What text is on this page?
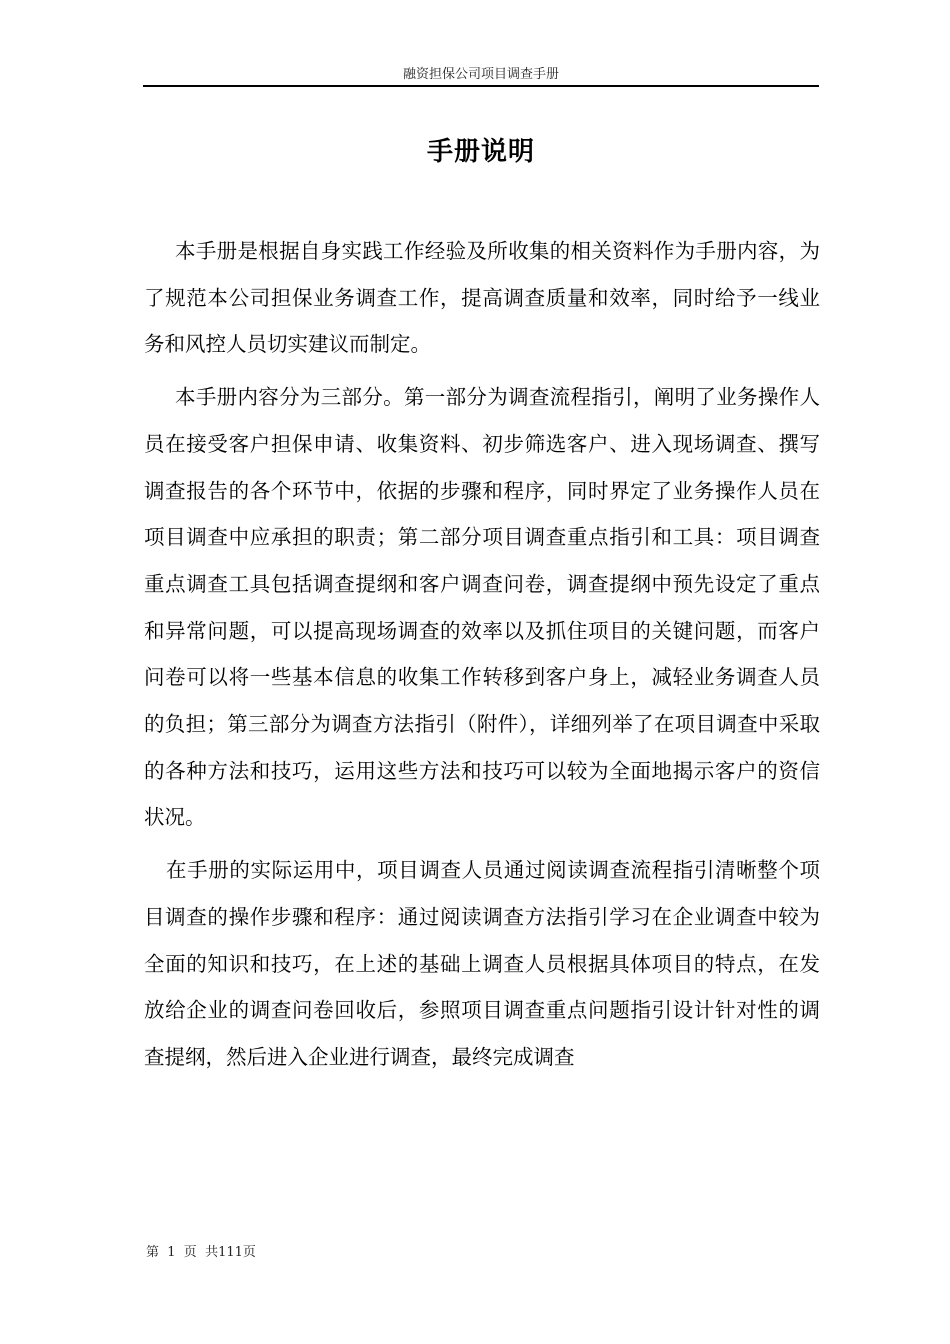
融资担保公司项目调查手册
手册说明

本手册是根据自身实践工作经验及所收集的相关资料作为手册内容，为了规范本公司担保业务调查工作，提高调查质量和效率，同时给予一线业务和风控人员切实建议而制定。

本手册内容分为三部分。第一部分为调查流程指引，阐明了业务操作人员在接受客户担保申请、收集资料、初步筛选客户、进入现场调查、撰写调查报告的各个环节中，依据的步骤和程序，同时界定了业务操作人员在项目调查中应承担的职责；第二部分项目调查重点指引和工具：项目调查重点调查工具包括调查提纲和客户调查问卷，调查提纲中预先设定了重点和异常问题，可以提高现场调查的效率以及抓住项目的关键问题，而客户问卷可以将一些基本信息的收集工作转移到客户身上，减轻业务调查人员的负担；第三部分为调查方法指引（附件），详细列举了在项目调查中采取的各种方法和技巧，运用这些方法和技巧可以较为全面地揭示客户的资信状况。

在手册的实际运用中，项目调查人员通过阅读调查流程指引清晰整个项目调查的操作步骤和程序：通过阅读调查方法指引学习在企业调查中较为全面的知识和技巧，在上述的基础上调查人员根据具体项目的特点，在发放给企业的调查问卷回收后，参照项目调查重点问题指引设计针对性的调查提纲，然后进入企业进行调查，最终完成调查

第  1  页  共111页
